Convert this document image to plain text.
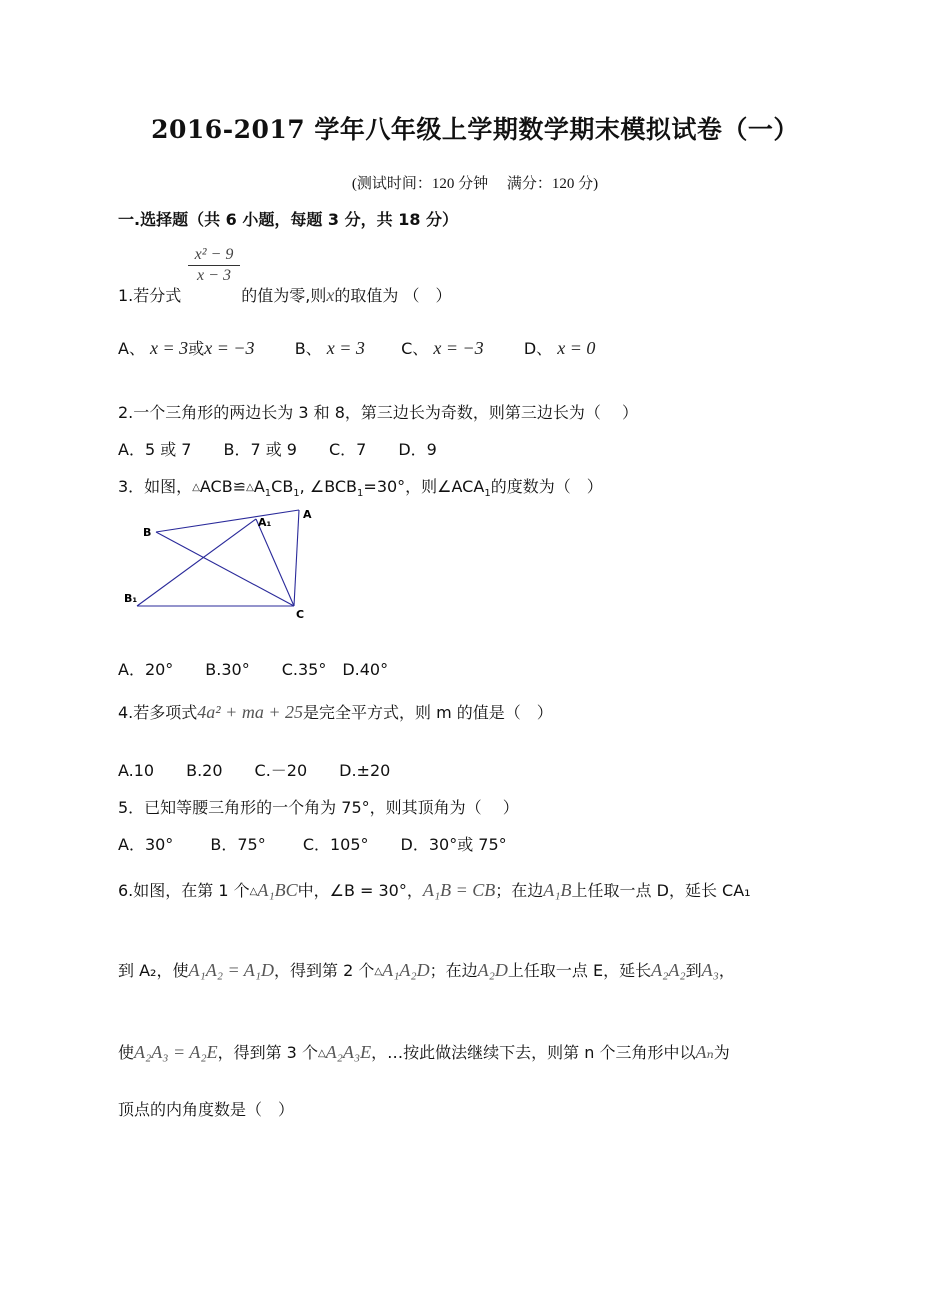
2016-2017 学年八年级上学期数学期末模拟试卷（一）
(测试时间：120 分钟　 满分：120 分)
一.选择题（共 6 小题，每题 3 分，共 18 分）
$\frac{\text{x² − 9}}{x - 3}$
1.若分式	的值为零,则x的取值为 （　）
A、 x = 3或x = −3	B、 x = 3 C、 x = −3	D、 x = 0
2.一个三角形的两边长为 3 和 8，第三边长为奇数，则第三边长为（　 ）
A．5 或 7　　B．7 或 9　　C．7　　D．9
3．如图，$\triangle ACB≌\triangle A_1CB_1$, $\angle BCB_1=30^\circ$，则$\angle ACA_1$的度数为（　）
B
A₁
A
B₁
C
A．20°　　B.30°　　C.35°　D.40°
4.若多项式4a² + ma + 25是完全平方式，则 m 的值是（　）
A.10　　B.20　　C.－20　　D.±20
5．已知等腰三角形的一个角为 75°，则其顶角为（　 ）
A．30°　　 B．75°　　 C．105°　　D．30°或 75°
6.如图，在第 1 个△A₁BC中，∠B = 30°，A₁B = CB；在边A₁B上任取一点 D，延长 CA₁
到 A₂，使A₁A₂ = A₁D，得到第 2 个△A₁A₂D；在边A₂D上任取一点 E，延长A₂A₂到A₃，
使A₂A₃ = A₂E，得到第 3 个△A₂A₃E，…按此做法继续下去，则第 n 个三角形中以Aₙ为
顶点的内角度数是（　）
